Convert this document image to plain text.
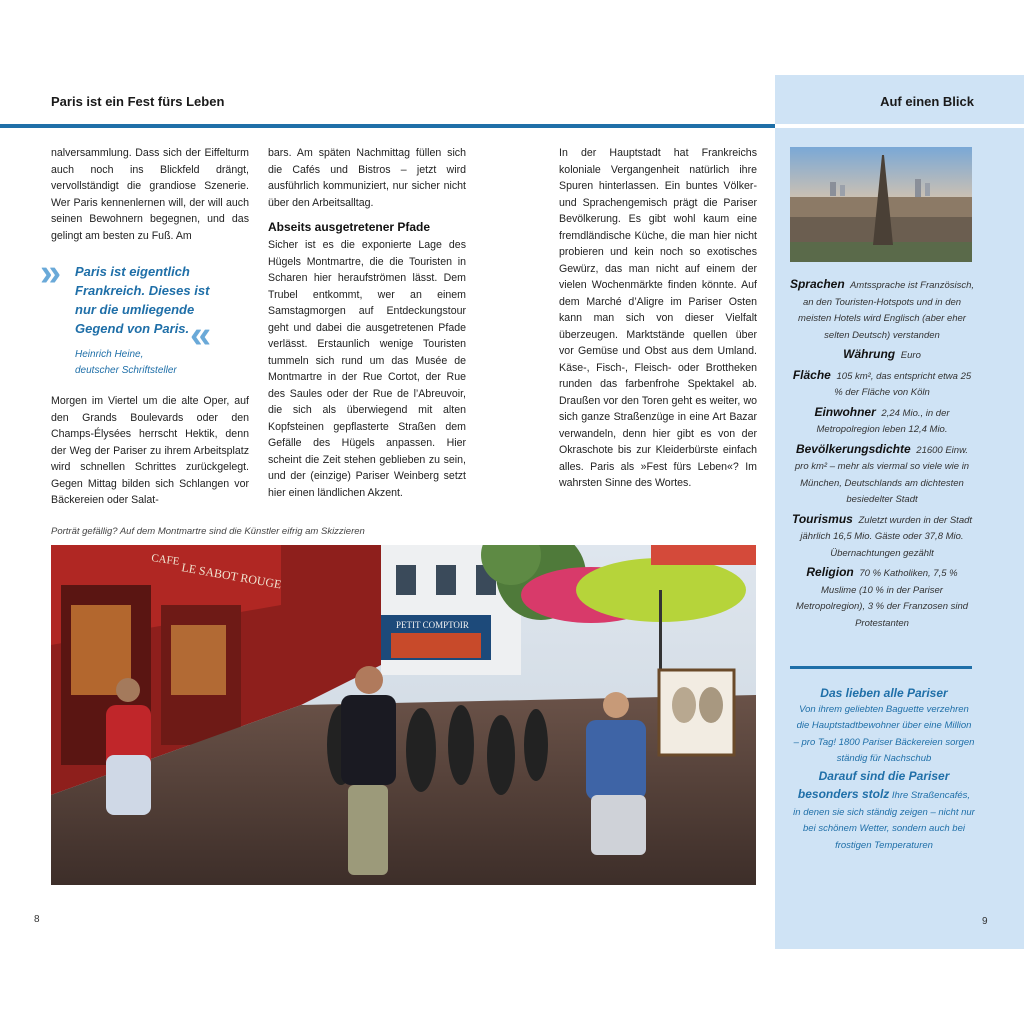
Paris ist ein Fest fürs Leben	Auf einen Blick

nalversammlung. Dass sich der Eiffelturm auch noch ins Blickfeld drängt, vervollständigt die grandiose Szenerie. Wer Paris kennenlernen will, der will auch seinen Bewohnern begegnen, und das gelingt am besten zu Fuß. Am

» Paris ist eigentlich Frankreich. Dieses ist nur die umliegende Gegend von Paris. «
Heinrich Heine,
deutscher Schriftsteller

Morgen im Viertel um die alte Oper, auf den Grands Boulevards oder den Champs-Élysées herrscht Hektik, denn der Weg der Pariser zu ihrem Arbeitsplatz wird schnellen Schrittes zurückgelegt. Gegen Mittag bilden sich Schlangen vor Bäckereien oder Salat-

bars. Am späten Nachmittag füllen sich die Cafés und Bistros – jetzt wird ausführlich kommuniziert, nur sicher nicht über den Arbeitsalltag.

Abseits ausgetretener Pfade

Sicher ist es die exponierte Lage des Hügels Montmartre, die die Touristen in Scharen hier heraufströmen lässt. Dem Trubel entkommt, wer an einem Samstagmorgen auf Entdeckungstour geht und dabei die ausgetretenen Pfade verlässt. Erstaunlich wenige Touristen tummeln sich rund um das Musée de Montmartre in der Rue Cortot, der Rue des Saules oder der Rue de l’Abreuvoir, die sich als überwiegend mit alten Kopfsteinen gepflasterte Straßen dem Gefälle des Hügels anpassen. Hier scheint die Zeit stehen geblieben zu sein, und der (einzige) Pariser Weinberg setzt hier einen ländlichen Akzent.

In der Hauptstadt hat Frankreichs koloniale Vergangenheit natürlich ihre Spuren hinterlassen. Ein buntes Völker- und Sprachengemisch prägt die Pariser Bevölkerung. Es gibt wohl kaum eine fremdländische Küche, die man hier nicht probieren und kein noch so exotisches Gewürz, das man nicht auf einem der vielen Wochenmärkte finden könnte. Auf dem Marché d’Aligre im Pariser Osten kann man sich von dieser Vielfalt überzeugen. Marktstände quellen über vor Gemüse und Obst aus dem Umland. Käse-, Fisch-, Fleisch- oder Brottheken runden das farbenfrohe Spektakel ab. Draußen vor den Toren geht es weiter, wo sich ganze Straßenzüge in eine Art Bazar verwandeln, denn hier gibt es von der Okraschote bis zur Kleiderbürste einfach alles. Paris als »Fest fürs Leben«? Im wahrsten Sinne des Wortes.

Porträt gefällig? Auf dem Montmartre sind die Künstler eifrig am Skizzieren
CAFE
LE SABOT ROUGE
PETIT COMPTOIR
Sprachen Amtssprache ist Französisch, an den Touristen-Hotspots und in den meisten Hotels wird Englisch (aber eher selten Deutsch) verstanden
Währung Euro
Fläche 105 km², das entspricht etwa 25 % der Fläche von Köln
Einwohner 2,24 Mio., in der Metropolregion leben 12,4 Mio.
Bevölkerungsdichte 21600 Einw. pro km² – mehr als viermal so viele wie in München, Deutschlands am dichtesten besiedelter Stadt
Tourismus Zuletzt wurden in der Stadt jährlich 16,5 Mio. Gäste oder 37,8 Mio. Übernachtungen gezählt
Religion 70 % Katholiken, 7,5 % Muslime (10 % in der Pariser Metropolregion), 3 % der Franzosen sind Protestanten
Das lieben alle Pariser
Von ihrem geliebten Baguette verzehren die Hauptstadtbewohner über eine Million – pro Tag! 1800 Pariser Bäckereien sorgen ständig für Nachschub
Darauf sind die Pariser besonders stolz Ihre Straßencafés, in denen sie sich ständig zeigen – nicht nur bei schönem Wetter, sondern auch bei frostigen Temperaturen
8	9
